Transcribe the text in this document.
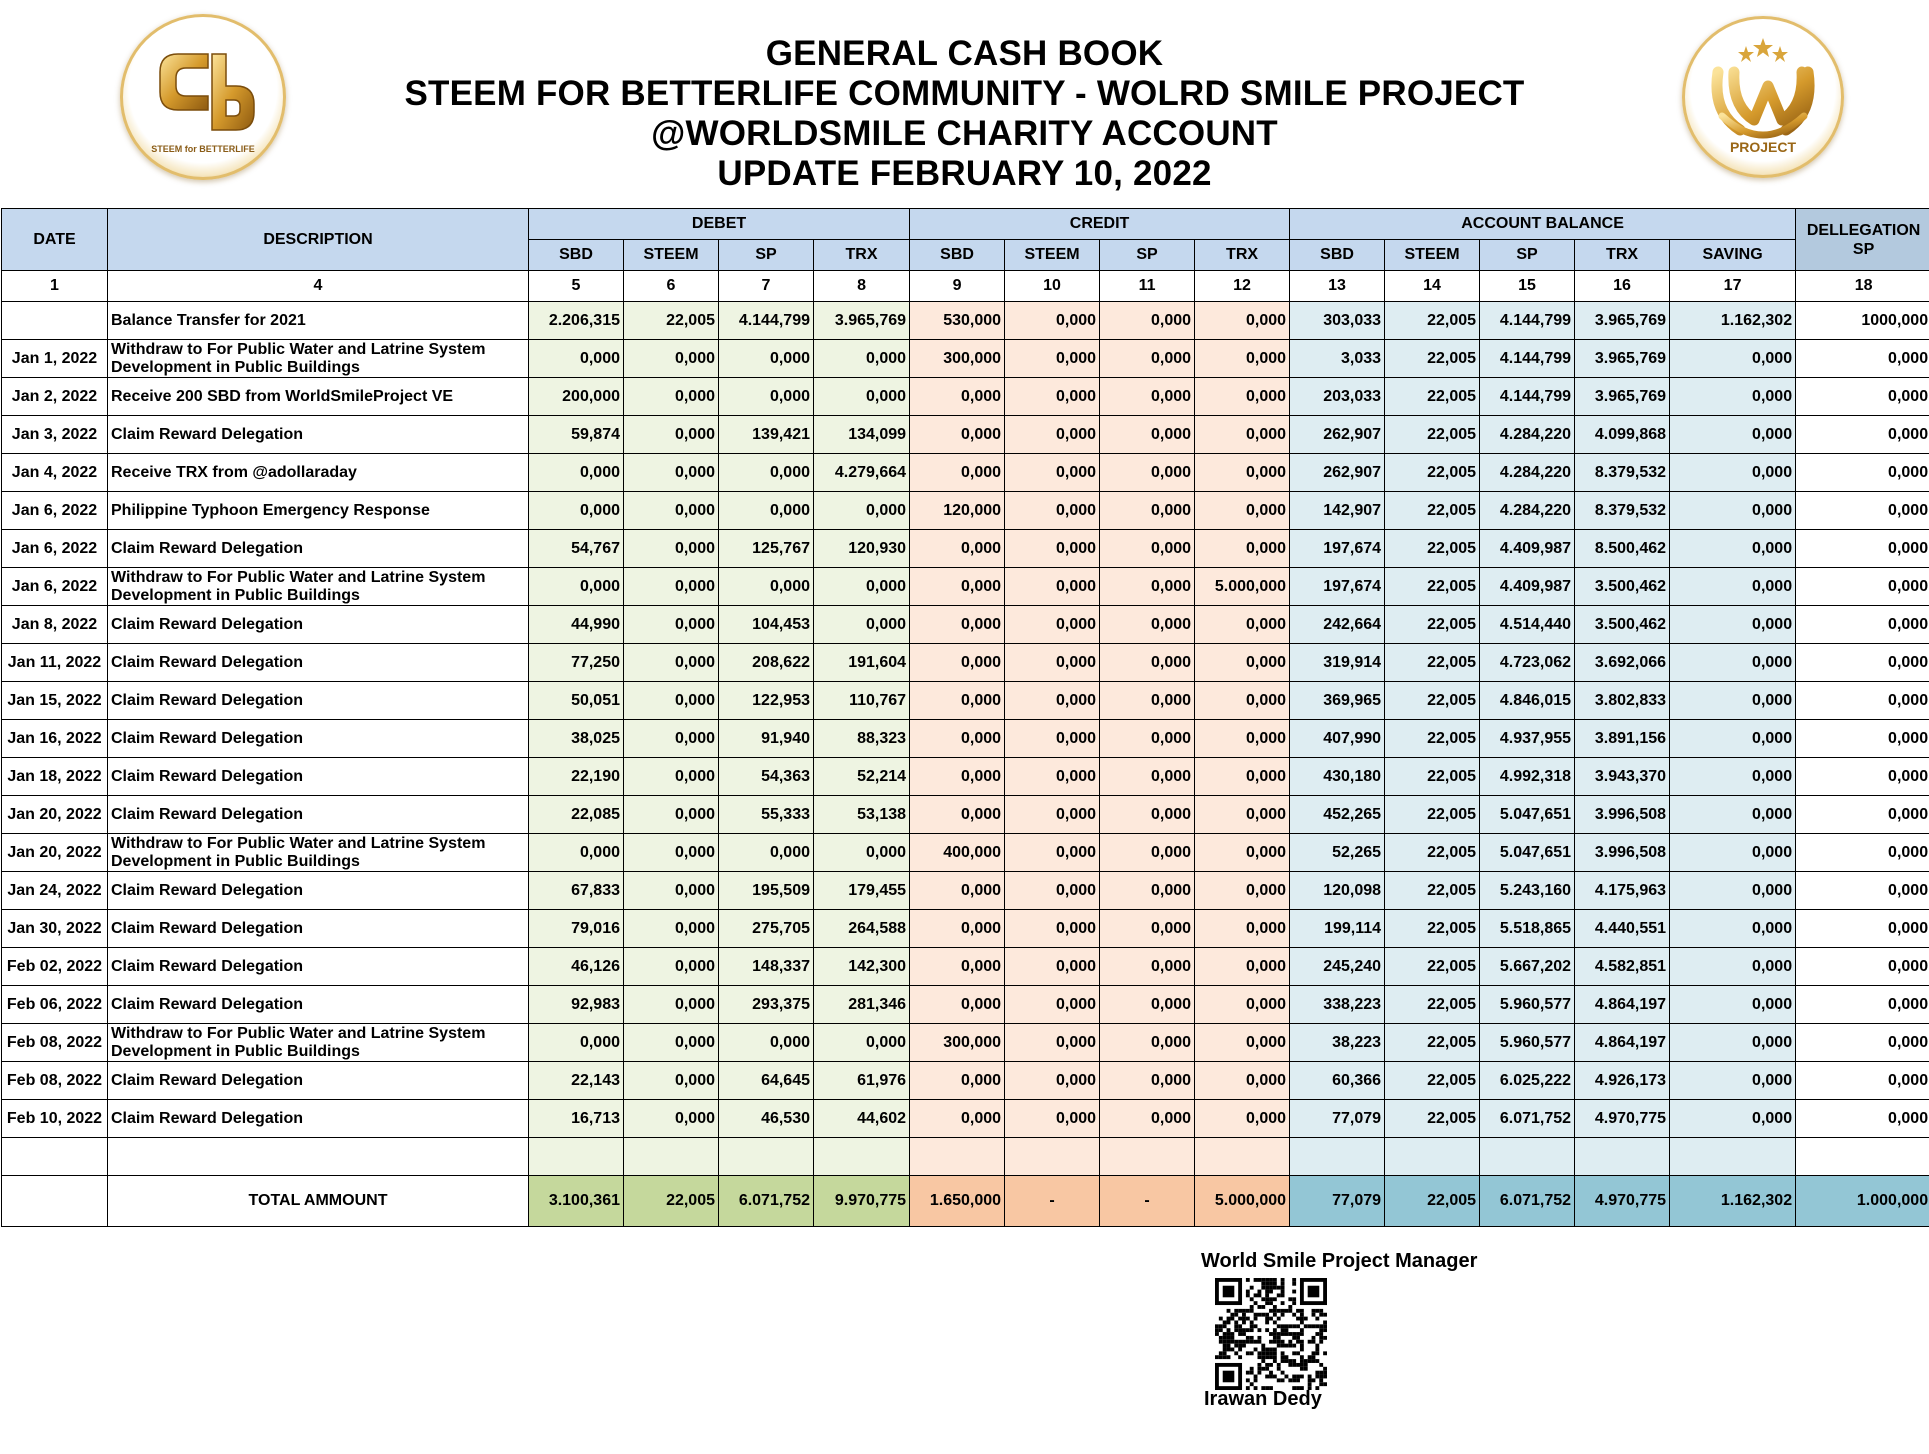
STEEM for BETTERLIFE
GENERAL CASH BOOK
STEEM FOR BETTERLIFE COMMUNITY - WOLRD SMILE PROJECT
@WORLDSMILE CHARITY ACCOUNT
UPDATE FEBRUARY 10, 2022
PROJECT
DATE	DESCRIPTION	DEBET				CREDIT				ACCOUNT BALANCE					DELLEGATION SP
		SBD	STEEM	SP	TRX	SBD	STEEM	SP	TRX	SBD	STEEM	SP	TRX	SAVING	
1	4	5	6	7	8	9	10	11	12	13	14	15	16	17	18
	Balance Transfer for 2021	2.206,315	22,005	4.144,799	3.965,769	530,000	0,000	0,000	0,000	303,033	22,005	4.144,799	3.965,769	1.162,302	1000,000
Jan 1, 2022	Withdraw to For Public Water and Latrine System Development in Public Buildings	0,000	0,000	0,000	0,000	300,000	0,000	0,000	0,000	3,033	22,005	4.144,799	3.965,769	0,000	0,000
Jan 2, 2022	Receive 200 SBD from WorldSmileProject VE	200,000	0,000	0,000	0,000	0,000	0,000	0,000	0,000	203,033	22,005	4.144,799	3.965,769	0,000	0,000
Jan 3, 2022	Claim Reward Delegation	59,874	0,000	139,421	134,099	0,000	0,000	0,000	0,000	262,907	22,005	4.284,220	4.099,868	0,000	0,000
Jan 4, 2022	Receive TRX from @adollaraday	0,000	0,000	0,000	4.279,664	0,000	0,000	0,000	0,000	262,907	22,005	4.284,220	8.379,532	0,000	0,000
Jan 6, 2022	Philippine Typhoon Emergency Response	0,000	0,000	0,000	0,000	120,000	0,000	0,000	0,000	142,907	22,005	4.284,220	8.379,532	0,000	0,000
Jan 6, 2022	Claim Reward Delegation	54,767	0,000	125,767	120,930	0,000	0,000	0,000	0,000	197,674	22,005	4.409,987	8.500,462	0,000	0,000
Jan 6, 2022	Withdraw to For Public Water and Latrine System Development in Public Buildings	0,000	0,000	0,000	0,000	0,000	0,000	0,000	5.000,000	197,674	22,005	4.409,987	3.500,462	0,000	0,000
Jan 8, 2022	Claim Reward Delegation	44,990	0,000	104,453	0,000	0,000	0,000	0,000	0,000	242,664	22,005	4.514,440	3.500,462	0,000	0,000
Jan 11, 2022	Claim Reward Delegation	77,250	0,000	208,622	191,604	0,000	0,000	0,000	0,000	319,914	22,005	4.723,062	3.692,066	0,000	0,000
Jan 15, 2022	Claim Reward Delegation	50,051	0,000	122,953	110,767	0,000	0,000	0,000	0,000	369,965	22,005	4.846,015	3.802,833	0,000	0,000
Jan 16, 2022	Claim Reward Delegation	38,025	0,000	91,940	88,323	0,000	0,000	0,000	0,000	407,990	22,005	4.937,955	3.891,156	0,000	0,000
Jan 18, 2022	Claim Reward Delegation	22,190	0,000	54,363	52,214	0,000	0,000	0,000	0,000	430,180	22,005	4.992,318	3.943,370	0,000	0,000
Jan 20, 2022	Claim Reward Delegation	22,085	0,000	55,333	53,138	0,000	0,000	0,000	0,000	452,265	22,005	5.047,651	3.996,508	0,000	0,000
Jan 20, 2022	Withdraw to For Public Water and Latrine System Development in Public Buildings	0,000	0,000	0,000	0,000	400,000	0,000	0,000	0,000	52,265	22,005	5.047,651	3.996,508	0,000	0,000
Jan 24, 2022	Claim Reward Delegation	67,833	0,000	195,509	179,455	0,000	0,000	0,000	0,000	120,098	22,005	5.243,160	4.175,963	0,000	0,000
Jan 30, 2022	Claim Reward Delegation	79,016	0,000	275,705	264,588	0,000	0,000	0,000	0,000	199,114	22,005	5.518,865	4.440,551	0,000	0,000
Feb 02, 2022	Claim Reward Delegation	46,126	0,000	148,337	142,300	0,000	0,000	0,000	0,000	245,240	22,005	5.667,202	4.582,851	0,000	0,000
Feb 06, 2022	Claim Reward Delegation	92,983	0,000	293,375	281,346	0,000	0,000	0,000	0,000	338,223	22,005	5.960,577	4.864,197	0,000	0,000
Feb 08, 2022	Withdraw to For Public Water and Latrine System Development in Public Buildings	0,000	0,000	0,000	0,000	300,000	0,000	0,000	0,000	38,223	22,005	5.960,577	4.864,197	0,000	0,000
Feb 08, 2022	Claim Reward Delegation	22,143	0,000	64,645	61,976	0,000	0,000	0,000	0,000	60,366	22,005	6.025,222	4.926,173	0,000	0,000
Feb 10, 2022	Claim Reward Delegation	16,713	0,000	46,530	44,602	0,000	0,000	0,000	0,000	77,079	22,005	6.071,752	4.970,775	0,000	0,000

	TOTAL AMMOUNT	3.100,361	22,005	6.071,752	9.970,775	1.650,000	-	-	5.000,000	77,079	22,005	6.071,752	4.970,775	1.162,302	1.000,000
World Smile Project Manager
Irawan Dedy
